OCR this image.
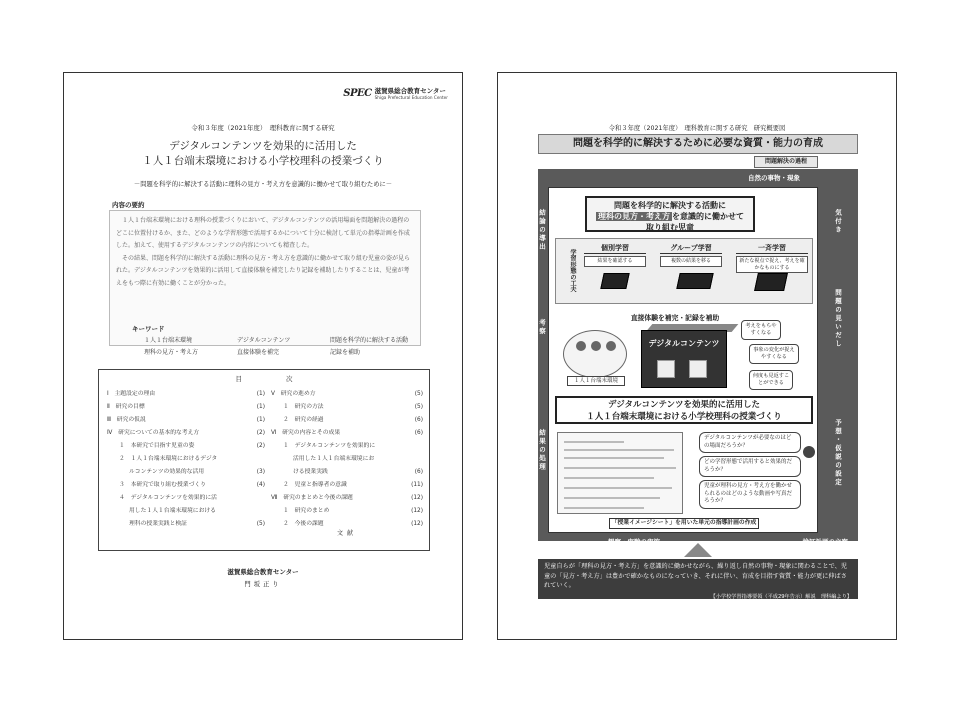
SPEC 滋賀県総合教育センター
Shiga Prefectural Education Center
令和３年度（2021年度）　理科教育に関する研究
デジタルコンテンツを効果的に活用した
１人１台端末環境における小学校理科の授業づくり
－問題を科学的に解決する活動に理科の見方・考え方を意識的に働かせて取り組むために－
内容の要約

１人１台端末環境における理科の授業づくりにおいて、デジタルコンテンツの活用場面を問題解決の過程のどこに位置付けるか、また、どのような学習形態で活用するかについて十分に検討して単元の指導計画を作成した。加えて、使用するデジタルコンテンツの内容についても精査した。

その結果、問題を科学的に解決する活動に理科の見方・考え方を意識的に働かせて取り組む児童の姿が見られた。デジタルコンテンツを効果的に活用して直接体験を補完したり記録を補助したりすることは、児童が考えをもつ際に有効に働くことが分かった。

キーワード
１人１台端末環境	デジタルコンテンツ	問題を科学的に解決する活動
理科の見方・考え方	直接体験を補完	記録を補助
目次
Ⅰ　主題設定の理由	(1)
Ⅱ　研究の目標	(1)
Ⅲ　研究の仮説	(1)
Ⅳ　研究についての基本的な考え方	(2)
１　本研究で目指す児童の姿	(2)
２　１人１台端末環境におけるデジタ
ルコンテンツの効果的な活用	(3)
３　本研究で取り組む授業づくり	(4)
４　デジタルコンテンツを効果的に活
用した１人１台端末環境における
理科の授業実践と検証	(5)
Ⅴ　研究の進め方	(5)
１　研究の方法	(5)
２　研究の経過	(6)
Ⅵ　研究の内容とその成果	(6)
１　デジタルコンテンツを効果的に
活用した１人１台端末環境にお
ける授業実践	(6)
２　児童と指導者の意識	(11)
Ⅶ　研究のまとめと今後の課題	(12)
１　研究のまとめ	(12)
２　今後の課題	(12)
文献
滋賀県総合教育センター
門坂正り
令和３年度（2021年度）　理科教育に関する研究　研究概要図
問題を科学的に解決するために必要な資質・能力の育成
問題解決の過程
自然の事物・現象
気付き
問題の見いだし
予想・仮説の設定
結論の導出
考察
結果の処理
問題を科学的に解決する活動に
理科の見方・考え方 を意識的に働かせて
取り組む児童
学習形態の工夫
個別学習
結果を確認する
グループ学習
複数の結果を移る
一斉学習
新たな視点で捉え、考えを確かなものにする
直接体験を補完・記録を補助
１人１台端末環境
デジタルコンテンツ
考えをもちやすくなる
事象の変化が捉えやすくなる
何度も見返すことができる
デジタルコンテンツを効果的に活用した
１人１台端末環境における小学校理科の授業づくり
「授業イメージシート」を用いた単元の指導計画の作成
デジタルコンテンツが必要なのはどの場面だろうか？
どの学習形態で活用すると効果的だろうか？
児童が理科の見方・考え方を働かせられるのはどのような動画や写真だろうか？
観察・実験の実施	検証計画の立案
児童自らが「理科の見方・考え方」を意識的に働かせながら、繰り返し自然の事物・現象に関わることで、児童の「見方・考え方」は豊かで確かなものになっていき、それに伴い、育成を目指す資質・能力が更に伸ばされていく。
【小学校学習指導要領（平成29年告示）解説　理科編より】
